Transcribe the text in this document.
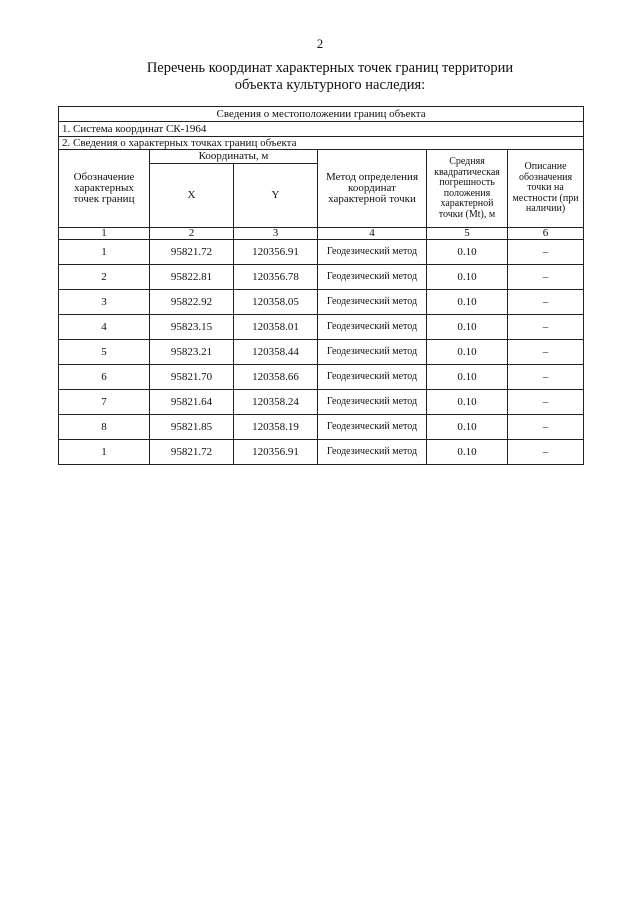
2
Перечень координат характерных точек границ территории
объекта культурного наследия:
Сведения о местоположении границ объекта					
1. Система координат СК-1964					
2. Сведения о характерных точках границ объекта					
Обозначение характерных точек границ	Координаты, м		Метод определения координат характерной точки	Средняя квадратическая погрешность положения характерной точки (Mt), м	Описание обозначения точки на местности (при наличии)
	X	Y			
1	2	3	4	5	6
1	95821.72	120356.91	Геодезический метод	0.10	–
2	95822.81	120356.78	Геодезический метод	0.10	–
3	95822.92	120358.05	Геодезический метод	0.10	–
4	95823.15	120358.01	Геодезический метод	0.10	–
5	95823.21	120358.44	Геодезический метод	0.10	–
6	95821.70	120358.66	Геодезический метод	0.10	–
7	95821.64	120358.24	Геодезический метод	0.10	–
8	95821.85	120358.19	Геодезический метод	0.10	–
1	95821.72	120356.91	Геодезический метод	0.10	–
